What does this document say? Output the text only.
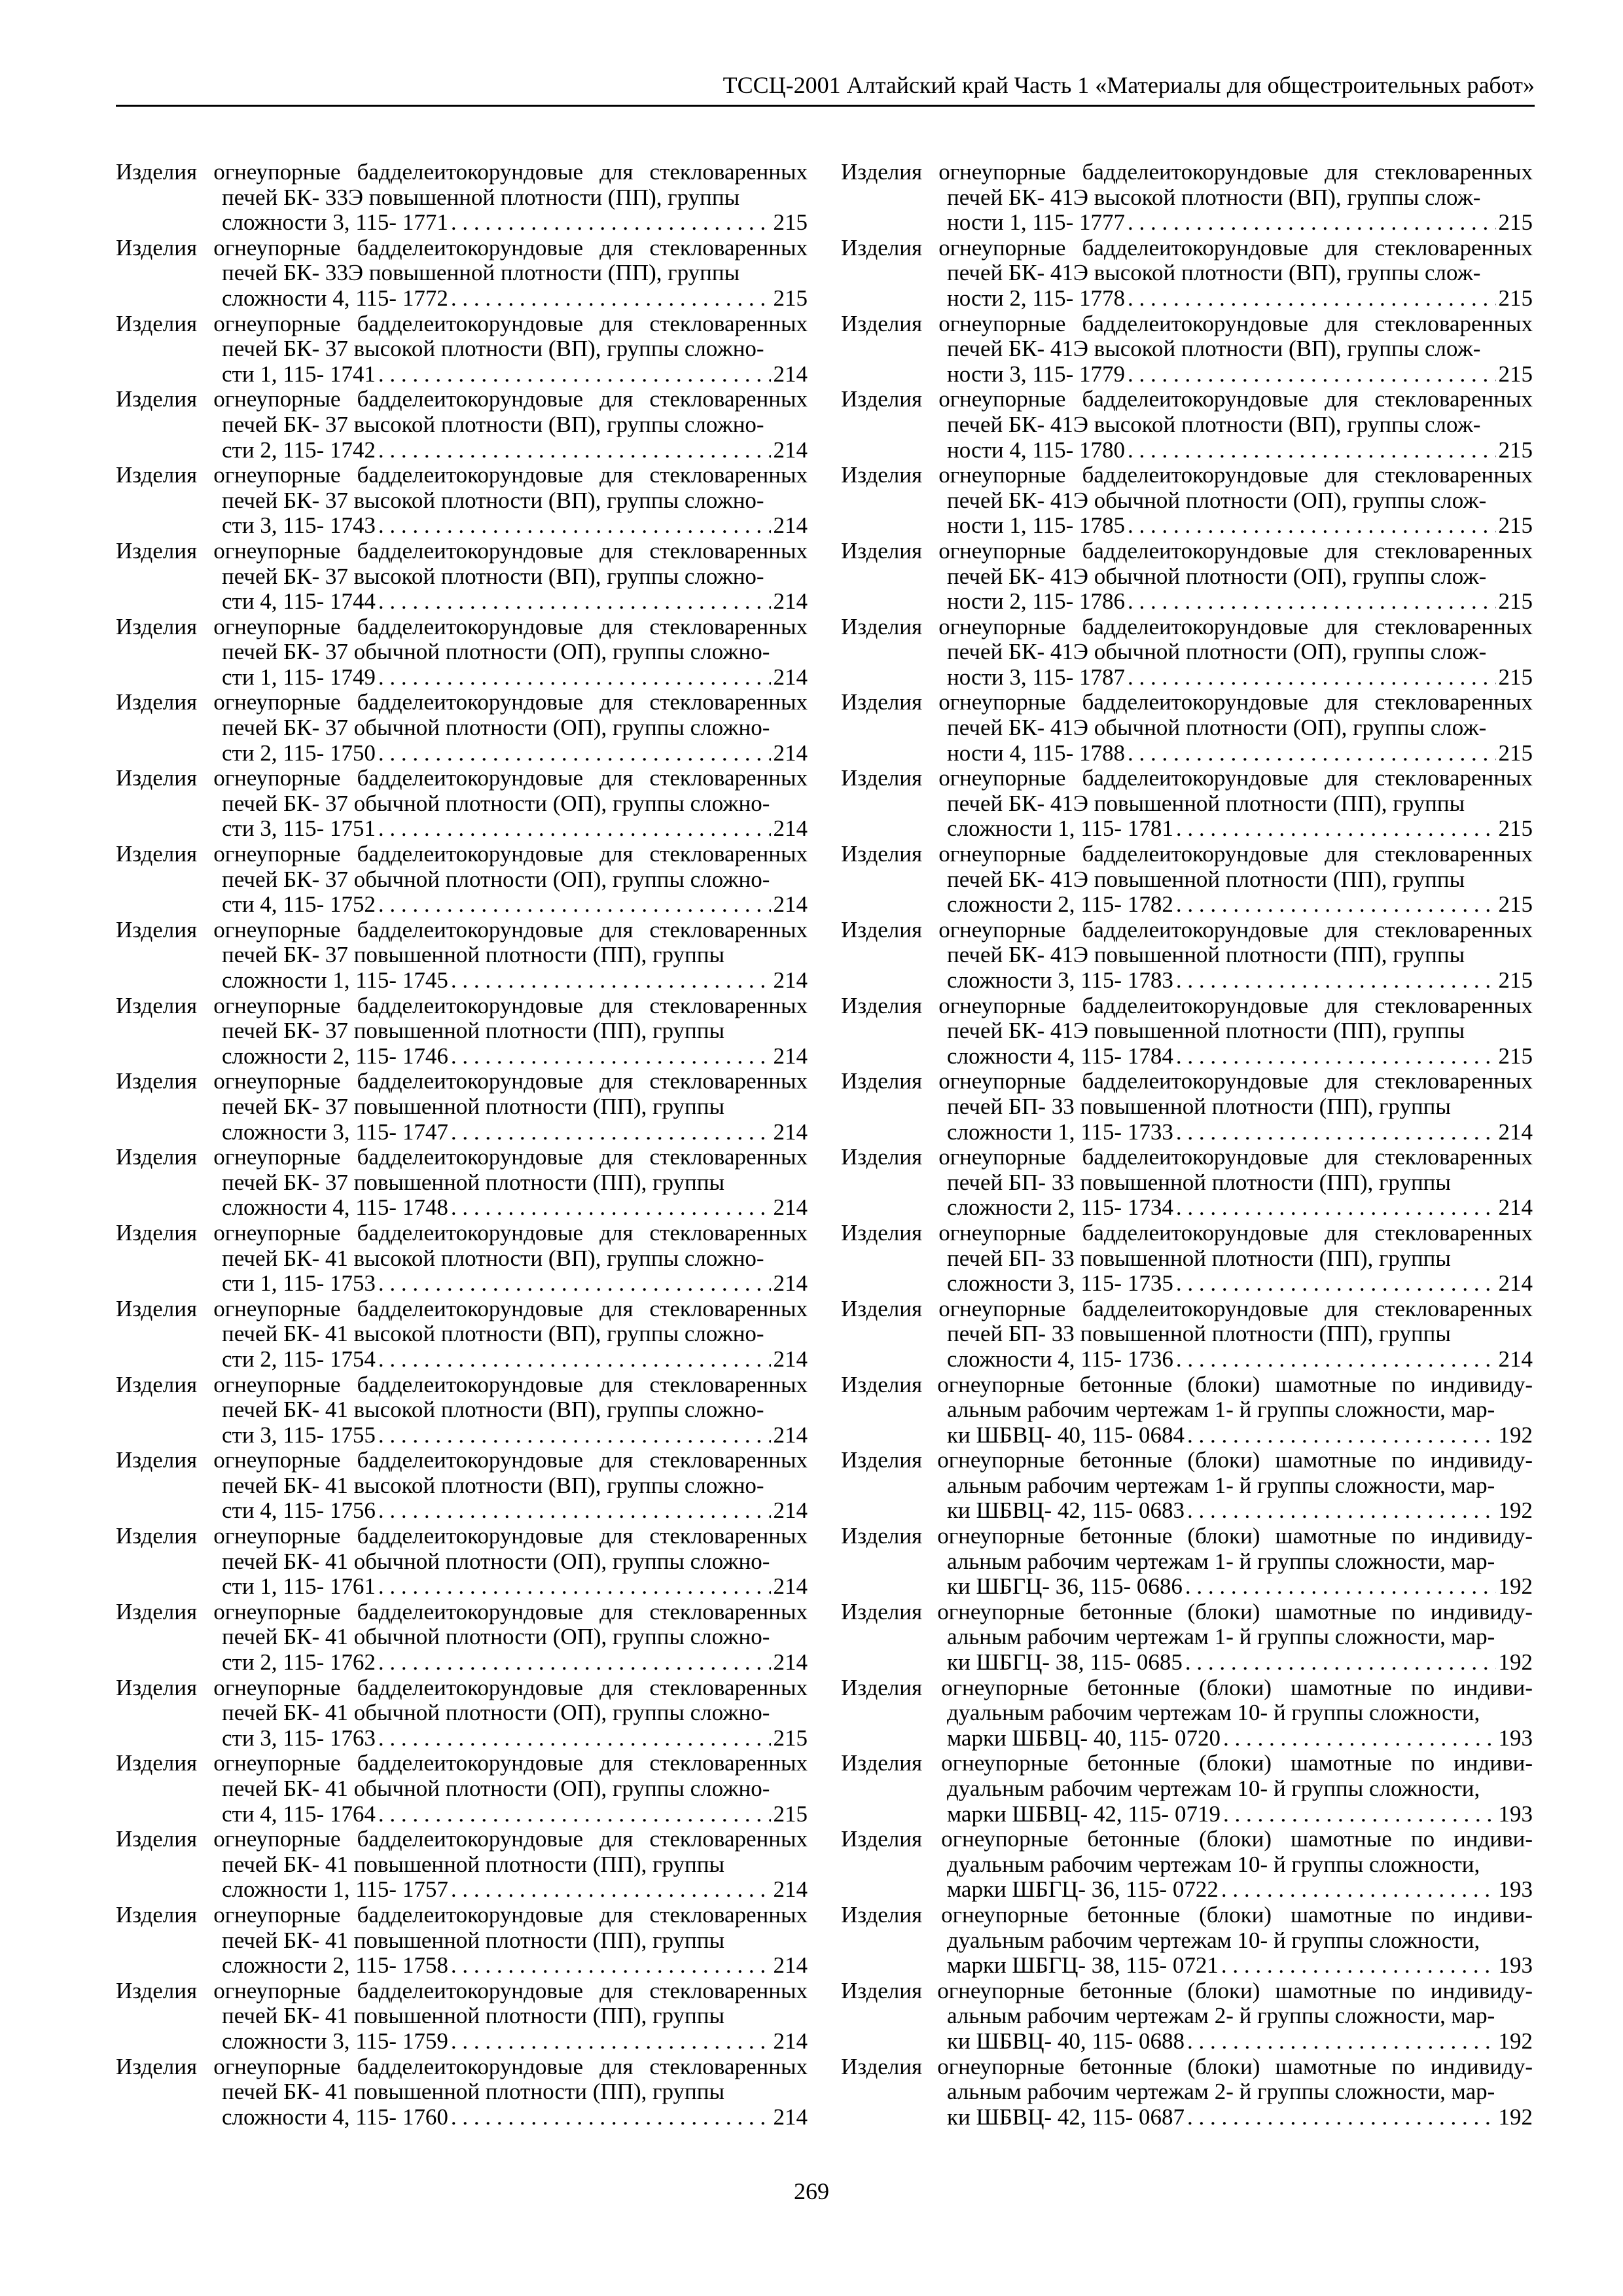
ТССЦ-2001 Алтайский край Часть 1 «Материалы для общестроительных работ»
Изделия огнеупорные бадделеитокорундовые для стекловаренных печей БК- 33Э повышенной плотности (ПП), группы
сложности 3, 115- 1771 . . .	215
Изделия огнеупорные бадделеитокорундовые для стекловаренных печей БК- 33Э повышенной плотности (ПП), группы
сложности 4, 115- 1772 . . .	215
Изделия огнеупорные бадделеитокорундовые для стекловаренных печей БК- 37 высокой плотности (ВП), группы сложно-
сти 1, 115- 1741 . . .	214
Изделия огнеупорные бадделеитокорундовые для стекловаренных печей БК- 37 высокой плотности (ВП), группы сложно-
сти 2, 115- 1742 . . .	214
Изделия огнеупорные бадделеитокорундовые для стекловаренных печей БК- 37 высокой плотности (ВП), группы сложно-
сти 3, 115- 1743 . . .	214
Изделия огнеупорные бадделеитокорундовые для стекловаренных печей БК- 37 высокой плотности (ВП), группы сложно-
сти 4, 115- 1744 . . .	214
Изделия огнеупорные бадделеитокорундовые для стекловаренных печей БК- 37 обычной плотности (ОП), группы сложно-
сти 1, 115- 1749 . . .	214
Изделия огнеупорные бадделеитокорундовые для стекловаренных печей БК- 37 обычной плотности (ОП), группы сложно-
сти 2, 115- 1750 . . .	214
Изделия огнеупорные бадделеитокорундовые для стекловаренных печей БК- 37 обычной плотности (ОП), группы сложно-
сти 3, 115- 1751 . . .	214
Изделия огнеупорные бадделеитокорундовые для стекловаренных печей БК- 37 обычной плотности (ОП), группы сложно-
сти 4, 115- 1752 . . .	214
Изделия огнеупорные бадделеитокорундовые для стекловаренных печей БК- 37 повышенной плотности (ПП), группы
сложности 1, 115- 1745 . . .	214
Изделия огнеупорные бадделеитокорундовые для стекловаренных печей БК- 37 повышенной плотности (ПП), группы
сложности 2, 115- 1746 . . .	214
Изделия огнеупорные бадделеитокорундовые для стекловаренных печей БК- 37 повышенной плотности (ПП), группы
сложности 3, 115- 1747 . . .	214
Изделия огнеупорные бадделеитокорундовые для стекловаренных печей БК- 37 повышенной плотности (ПП), группы
сложности 4, 115- 1748 . . .	214
Изделия огнеупорные бадделеитокорундовые для стекловаренных печей БК- 41 высокой плотности (ВП), группы сложно-
сти 1, 115- 1753 . . .	214
Изделия огнеупорные бадделеитокорундовые для стекловаренных печей БК- 41 высокой плотности (ВП), группы сложно-
сти 2, 115- 1754 . . .	214
Изделия огнеупорные бадделеитокорундовые для стекловаренных печей БК- 41 высокой плотности (ВП), группы сложно-
сти 3, 115- 1755 . . .	214
Изделия огнеупорные бадделеитокорундовые для стекловаренных печей БК- 41 высокой плотности (ВП), группы сложно-
сти 4, 115- 1756 . . .	214
Изделия огнеупорные бадделеитокорундовые для стекловаренных печей БК- 41 обычной плотности (ОП), группы сложно-
сти 1, 115- 1761 . . .	214
Изделия огнеупорные бадделеитокорундовые для стекловаренных печей БК- 41 обычной плотности (ОП), группы сложно-
сти 2, 115- 1762 . . .	214
Изделия огнеупорные бадделеитокорундовые для стекловаренных печей БК- 41 обычной плотности (ОП), группы сложно-
сти 3, 115- 1763 . . .	215
Изделия огнеупорные бадделеитокорундовые для стекловаренных печей БК- 41 обычной плотности (ОП), группы сложно-
сти 4, 115- 1764 . . .	215
Изделия огнеупорные бадделеитокорундовые для стекловаренных печей БК- 41 повышенной плотности (ПП), группы
сложности 1, 115- 1757 . . .	214
Изделия огнеупорные бадделеитокорундовые для стекловаренных печей БК- 41 повышенной плотности (ПП), группы
сложности 2, 115- 1758 . . .	214
Изделия огнеупорные бадделеитокорундовые для стекловаренных печей БК- 41 повышенной плотности (ПП), группы
сложности 3, 115- 1759 . . .	214
Изделия огнеупорные бадделеитокорундовые для стекловаренных печей БК- 41 повышенной плотности (ПП), группы
сложности 4, 115- 1760 . . .	214
Изделия огнеупорные бадделеитокорундовые для стекловаренных печей БК- 41Э высокой плотности (ВП), группы слож-
ности 1, 115- 1777 . . .	215
Изделия огнеупорные бадделеитокорундовые для стекловаренных печей БК- 41Э высокой плотности (ВП), группы слож-
ности 2, 115- 1778 . . .	215
Изделия огнеупорные бадделеитокорундовые для стекловаренных печей БК- 41Э высокой плотности (ВП), группы слож-
ности 3, 115- 1779 . . .	215
Изделия огнеупорные бадделеитокорундовые для стекловаренных печей БК- 41Э высокой плотности (ВП), группы слож-
ности 4, 115- 1780 . . .	215
Изделия огнеупорные бадделеитокорундовые для стекловаренных печей БК- 41Э обычной плотности (ОП), группы слож-
ности 1, 115- 1785 . . .	215
Изделия огнеупорные бадделеитокорундовые для стекловаренных печей БК- 41Э обычной плотности (ОП), группы слож-
ности 2, 115- 1786 . . .	215
Изделия огнеупорные бадделеитокорундовые для стекловаренных печей БК- 41Э обычной плотности (ОП), группы слож-
ности 3, 115- 1787 . . .	215
Изделия огнеупорные бадделеитокорундовые для стекловаренных печей БК- 41Э обычной плотности (ОП), группы слож-
ности 4, 115- 1788 . . .	215
Изделия огнеупорные бадделеитокорундовые для стекловаренных печей БК- 41Э повышенной плотности (ПП), группы
сложности 1, 115- 1781 . . .	215
Изделия огнеупорные бадделеитокорундовые для стекловаренных печей БК- 41Э повышенной плотности (ПП), группы
сложности 2, 115- 1782 . . .	215
Изделия огнеупорные бадделеитокорундовые для стекловаренных печей БК- 41Э повышенной плотности (ПП), группы
сложности 3, 115- 1783 . . .	215
Изделия огнеупорные бадделеитокорундовые для стекловаренных печей БК- 41Э повышенной плотности (ПП), группы
сложности 4, 115- 1784 . . .	215
Изделия огнеупорные бадделеитокорундовые для стекловаренных печей БП- 33 повышенной плотности (ПП), группы
сложности 1, 115- 1733 . . .	214
Изделия огнеупорные бадделеитокорундовые для стекловаренных печей БП- 33 повышенной плотности (ПП), группы
сложности 2, 115- 1734 . . .	214
Изделия огнеупорные бадделеитокорундовые для стекловаренных печей БП- 33 повышенной плотности (ПП), группы
сложности 3, 115- 1735 . . .	214
Изделия огнеупорные бадделеитокорундовые для стекловаренных печей БП- 33 повышенной плотности (ПП), группы
сложности 4, 115- 1736 . . .	214
Изделия огнеупорные бетонные (блоки) шамотные по индивиду-альным рабочим чертежам 1- й группы сложности, мар-
ки ШБВЦ- 40, 115- 0684 . . .	192
Изделия огнеупорные бетонные (блоки) шамотные по индивиду-альным рабочим чертежам 1- й группы сложности, мар-
ки ШБВЦ- 42, 115- 0683 . . .	192
Изделия огнеупорные бетонные (блоки) шамотные по индивиду-альным рабочим чертежам 1- й группы сложности, мар-
ки ШБГЦ- 36, 115- 0686 . . .	192
Изделия огнеупорные бетонные (блоки) шамотные по индивиду-альным рабочим чертежам 1- й группы сложности, мар-
ки ШБГЦ- 38, 115- 0685 . . .	192
Изделия огнеупорные бетонные (блоки) шамотные по индиви-дуальным рабочим чертежам 10- й группы сложности,
марки ШБВЦ- 40, 115- 0720 . . .	193
Изделия огнеупорные бетонные (блоки) шамотные по индиви-дуальным рабочим чертежам 10- й группы сложности,
марки ШБВЦ- 42, 115- 0719 . . .	193
Изделия огнеупорные бетонные (блоки) шамотные по индиви-дуальным рабочим чертежам 10- й группы сложности,
марки ШБГЦ- 36, 115- 0722 . . .	193
Изделия огнеупорные бетонные (блоки) шамотные по индиви-дуальным рабочим чертежам 10- й группы сложности,
марки ШБГЦ- 38, 115- 0721 . . .	193
Изделия огнеупорные бетонные (блоки) шамотные по индивиду-альным рабочим чертежам 2- й группы сложности, мар-
ки ШБВЦ- 40, 115- 0688 . . .	192
Изделия огнеупорные бетонные (блоки) шамотные по индивиду-альным рабочим чертежам 2- й группы сложности, мар-
ки ШБВЦ- 42, 115- 0687 . . .	192
269
